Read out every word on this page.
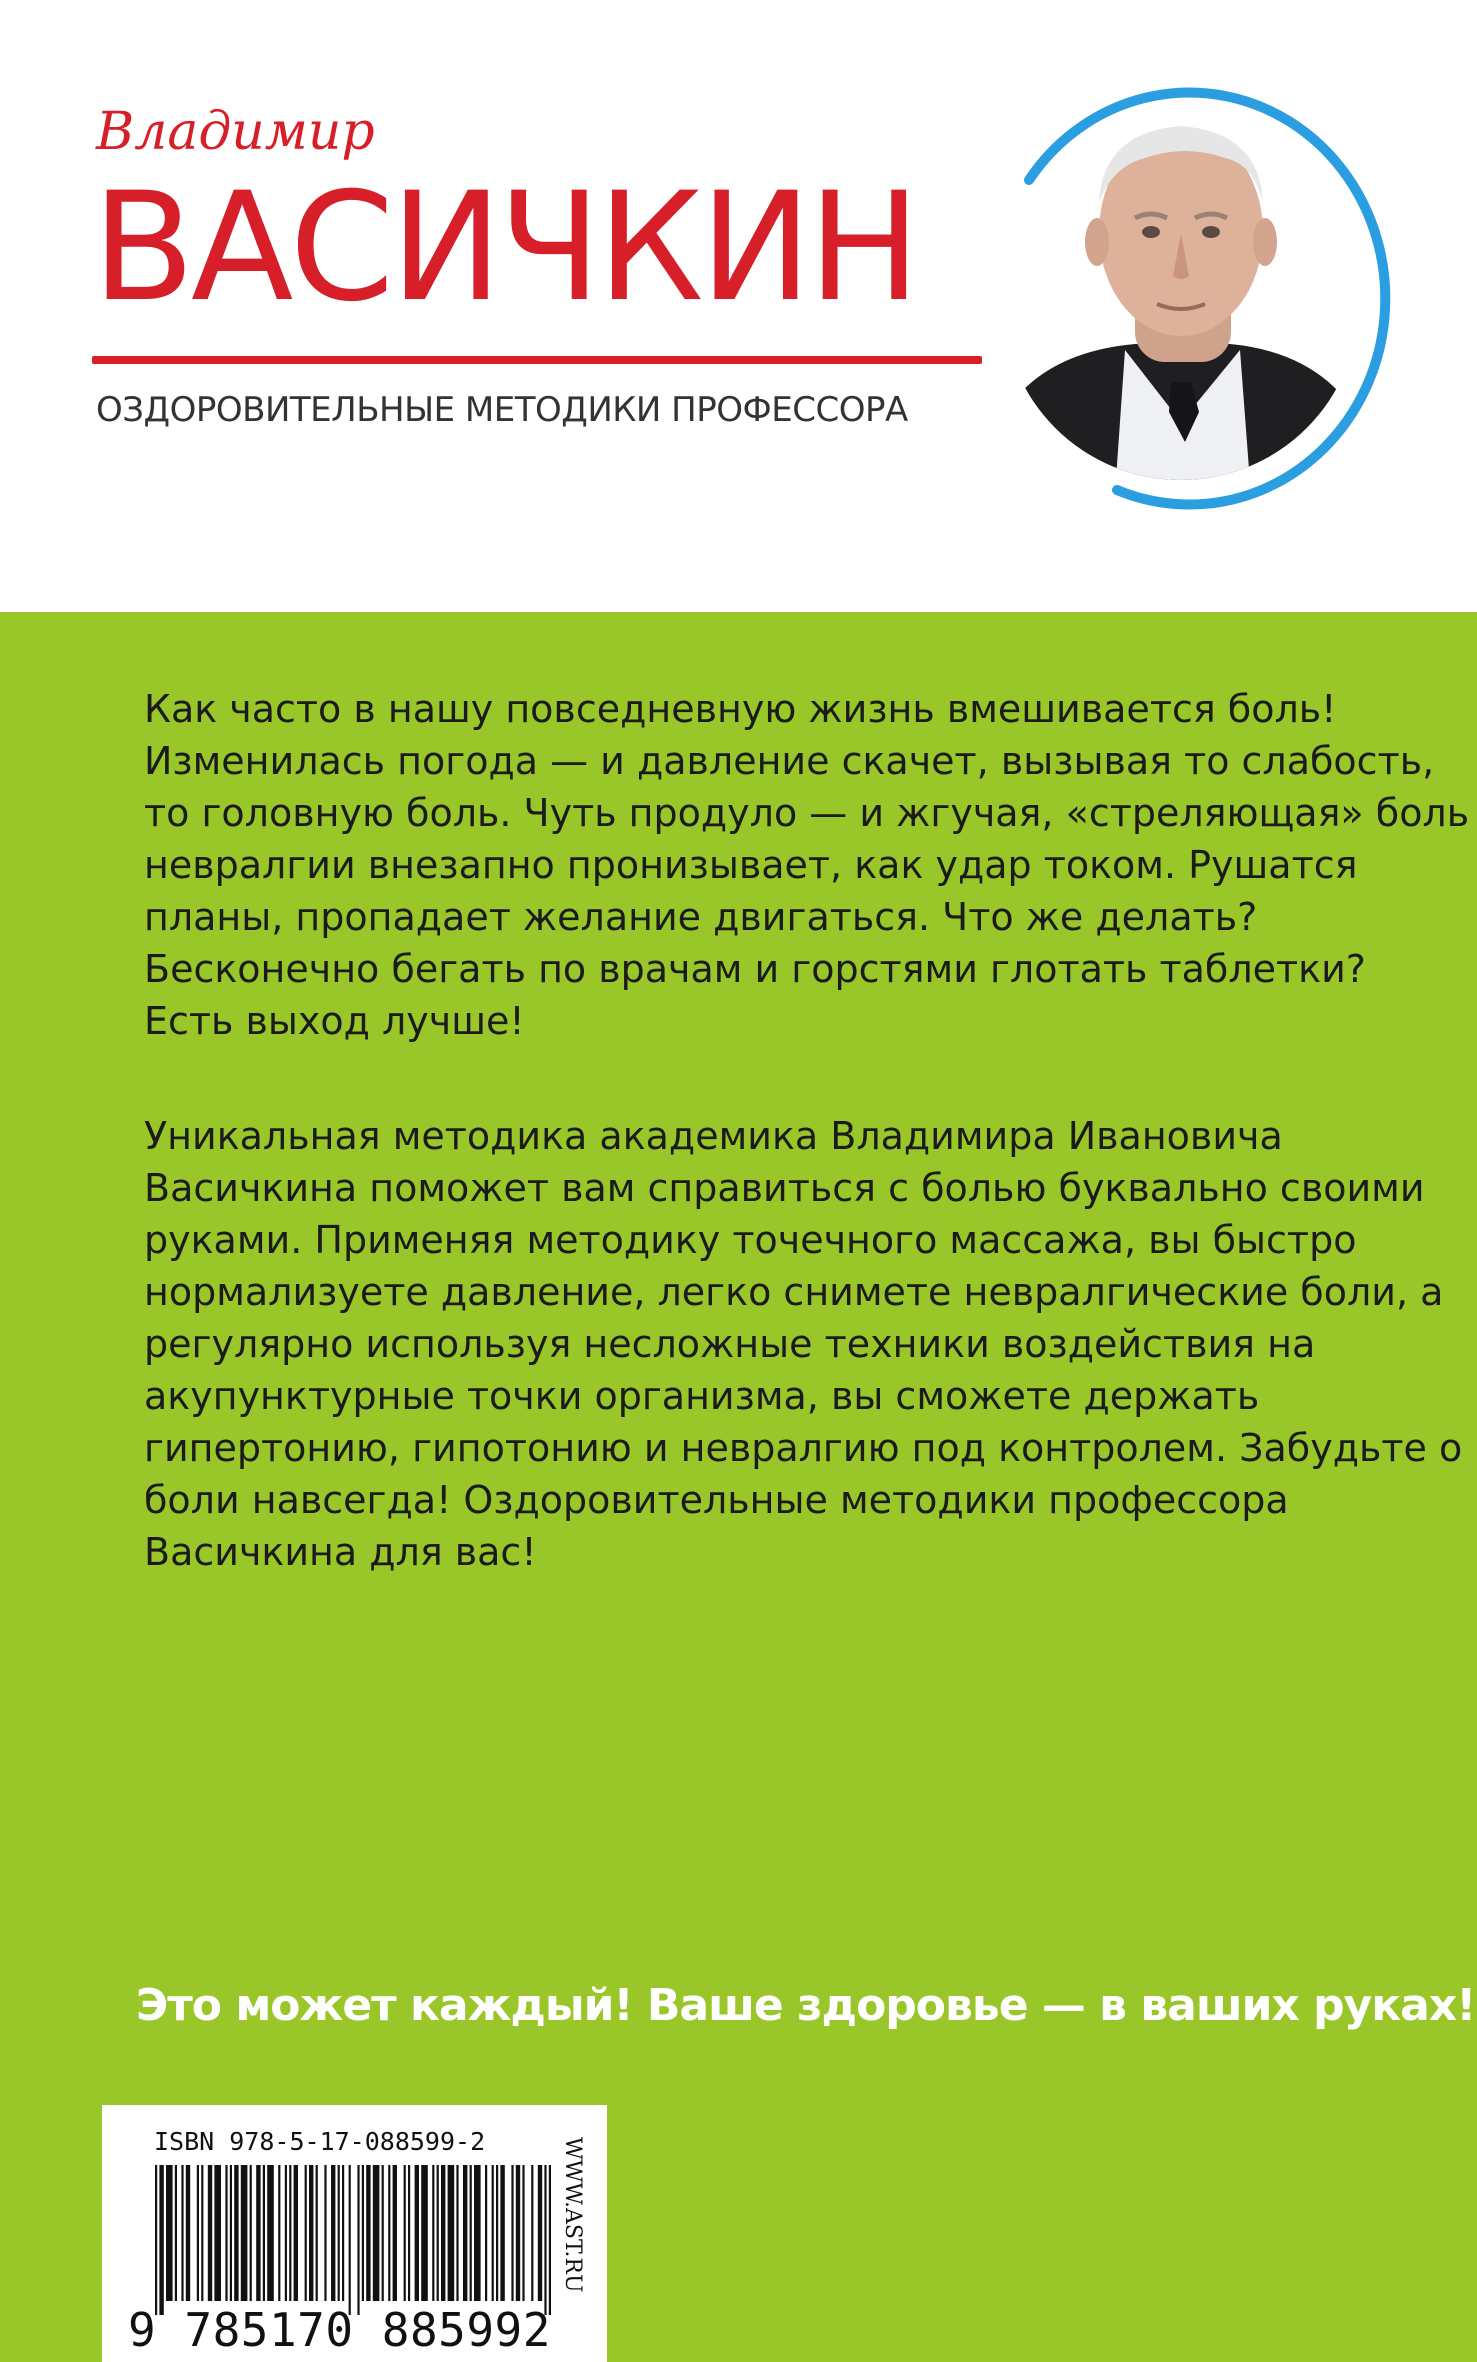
Владимир
ВАСИЧКИН
ОЗДОРОВИТЕЛЬНЫЕ МЕТОДИКИ ПРОФЕССОРА
Как часто в нашу повседневную жизнь вмешивается боль!
Изменилась погода — и давление скачет, вызывая то слабость,
то головную боль. Чуть продуло — и жгучая, «стреляющая» боль
невралгии внезапно пронизывает, как удар током. Рушатся
планы, пропадает желание двигаться. Что же делать?
Бесконечно бегать по врачам и горстями глотать таблетки?
Есть выход лучше!
Уникальная методика академика Владимира Ивановича
Васичкина поможет вам справиться с болью буквально своими
руками. Применяя методику точечного массажа, вы быстро
нормализуете давление, легко снимете невралгические боли, а
регулярно используя несложные техники воздействия на
акупунктурные точки организма, вы сможете держать
гипертонию, гипотонию и невралгию под контролем. Забудьте о
боли навсегда! Оздоровительные методики профессора
Васичкина для вас!
Это может каждый! Ваше здоровье — в ваших руках!
ISBN 978-5-17-088599-2
9 785170 885992
WWW.AST.RU
